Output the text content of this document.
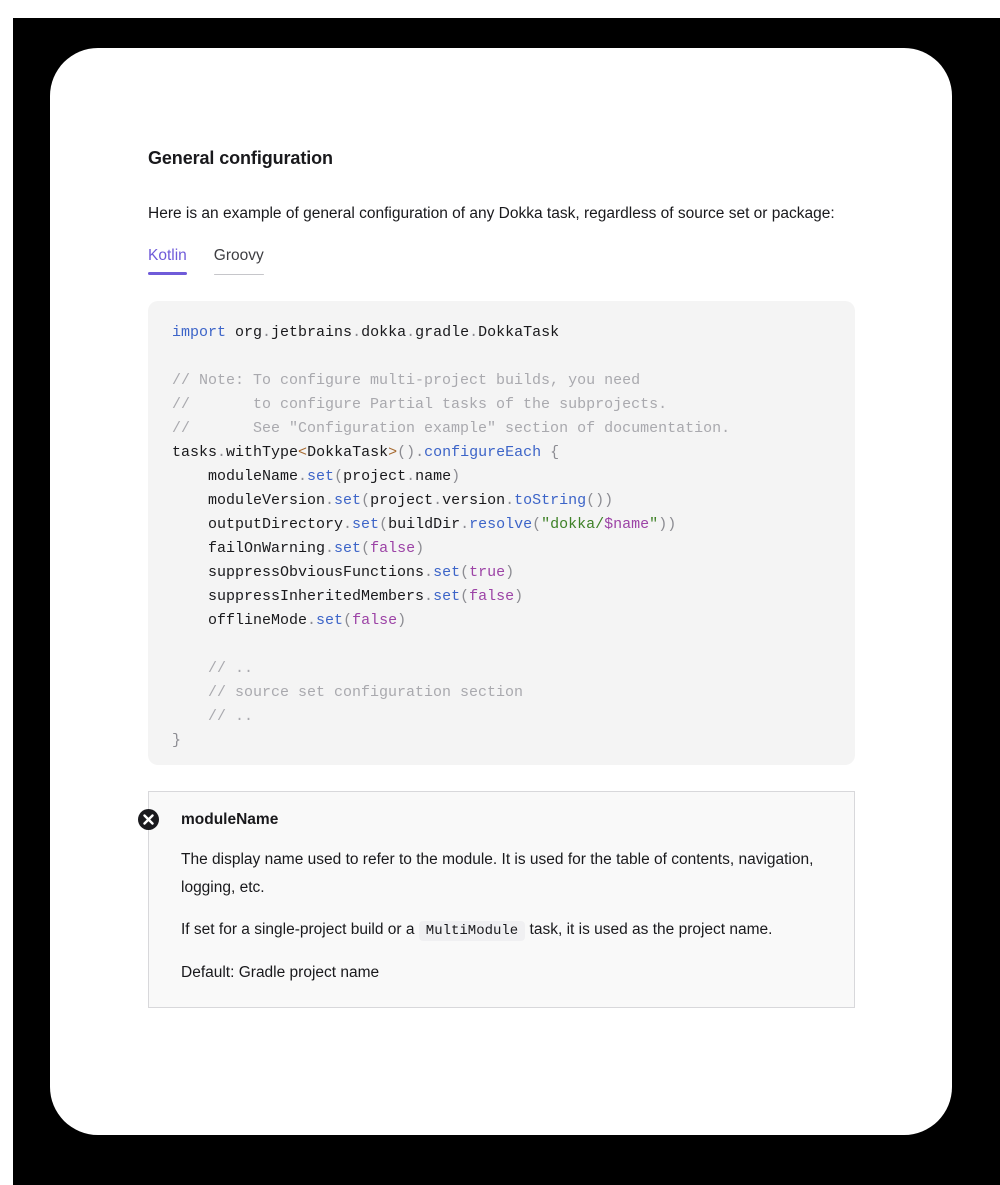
General configuration

Here is an example of general configuration of any Dokka task, regardless of source set or package:

Kotlin Groovy
import org.jetbrains.dokka.gradle.DokkaTask

// Note: To configure multi-project builds, you need
//       to configure Partial tasks of the subprojects.
//       See "Configuration example" section of documentation.
tasks.withType<DokkaTask>().configureEach {
moduleName.set(project.name)
moduleVersion.set(project.version.toString())
outputDirectory.set(buildDir.resolve("dokka/$name"))
failOnWarning.set(false)
suppressObviousFunctions.set(true)
suppressInheritedMembers.set(false)
offlineMode.set(false)

// ..
// source set configuration section
// ..
}
moduleName

The display name used to refer to the module. It is used for the table of contents, navigation, logging, etc.

If set for a single-project build or a MultiModule task, it is used as the project name.

Default: Gradle project name
